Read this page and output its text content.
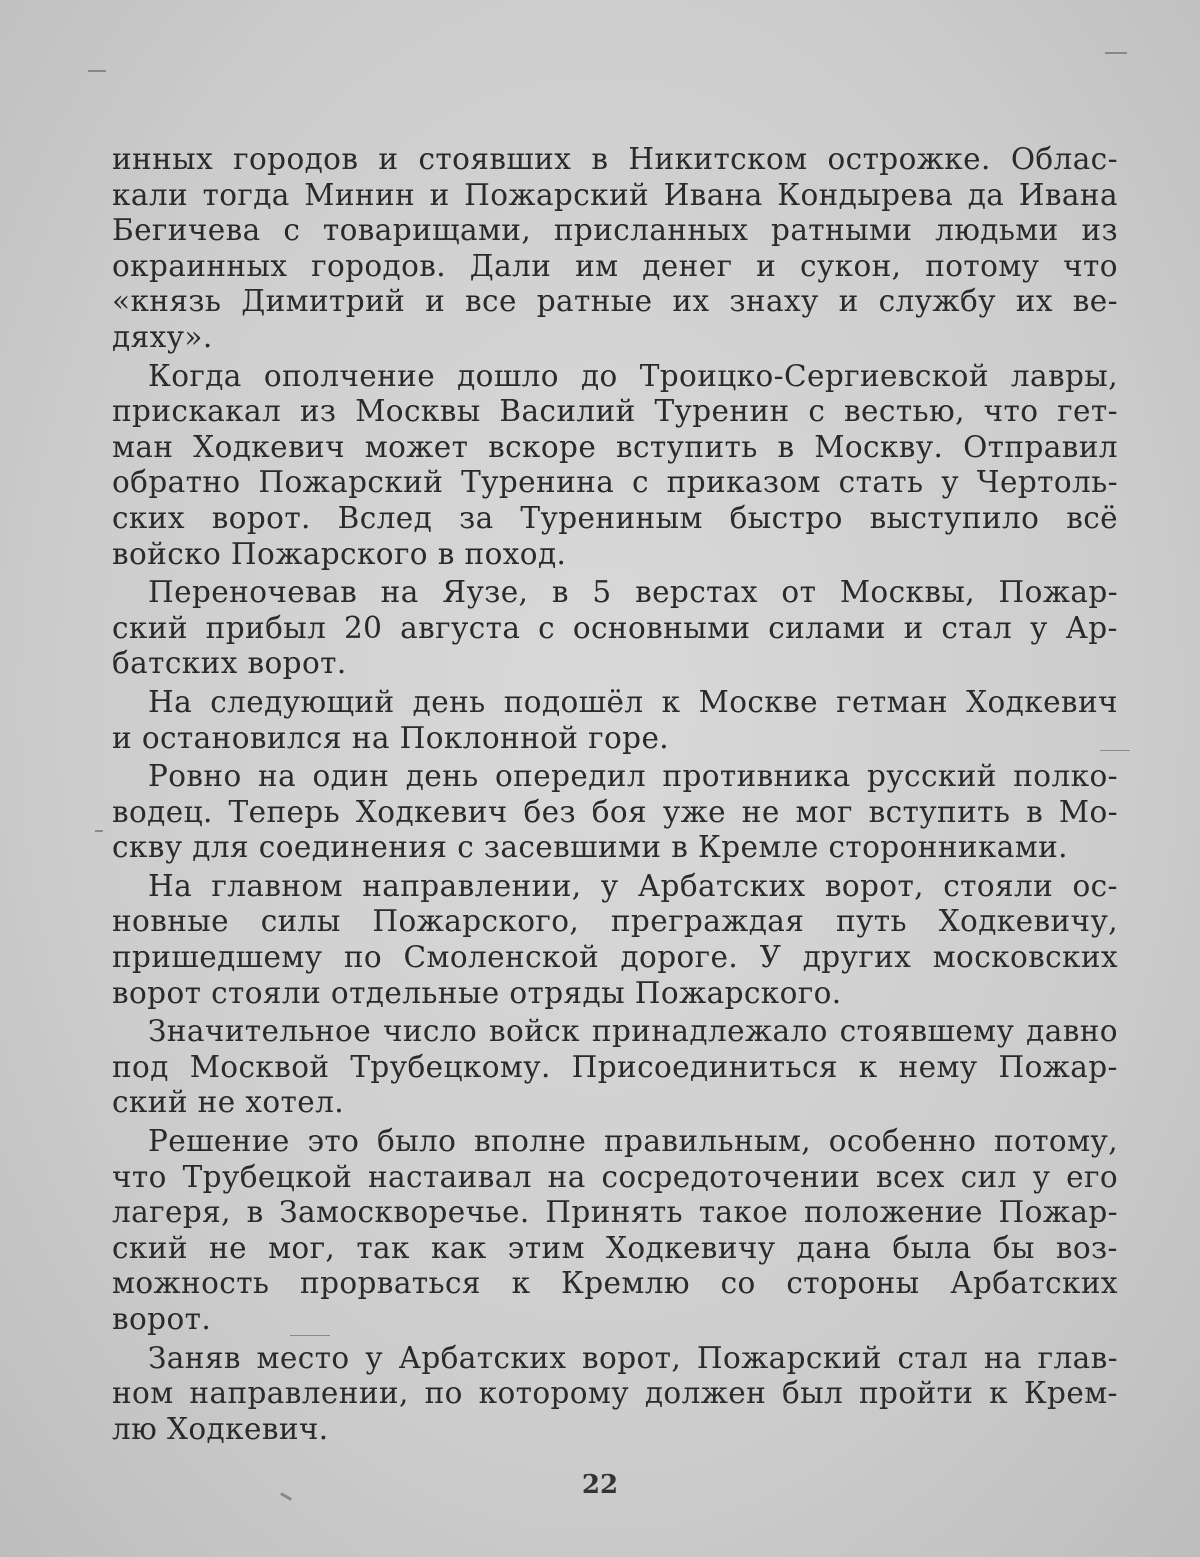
инных городов и стоявших в Никитском острожке. Облас-
кали тогда Минин и Пожарский Ивана Кондырева да Ивана
Бегичева с товарищами, присланных ратными людьми из
окраинных городов. Дали им денег и сукон, потому что
«князь Димитрий и все ратные их знаху и службу их ве-
дяху».
Когда ополчение дошло до Троицко-Сергиевской лавры,
прискакал из Москвы Василий Туренин с вестью, что гет-
ман Ходкевич может вскоре вступить в Москву. Отправил
обратно Пожарский Туренина с приказом стать у Чертоль-
ских ворот. Вслед за Турениным быстро выступило всё
войско Пожарского в поход.
Переночевав на Яузе, в 5 верстах от Москвы, Пожар-
ский прибыл 20 августа с основными силами и стал у Ар-
батских ворот.
На следующий день подошёл к Москве гетман Ходкевич
и остановился на Поклонной горе.
Ровно на один день опередил противника русский полко-
водец. Теперь Ходкевич без боя уже не мог вступить в Мо-
скву для соединения с засевшими в Кремле сторонниками.
На главном направлении, у Арбатских ворот, стояли ос-
новные силы Пожарского, преграждая путь Ходкевичу,
пришедшему по Смоленской дороге. У других московских
ворот стояли отдельные отряды Пожарского.
Значительное число войск принадлежало стоявшему давно
под Москвой Трубецкому. Присоединиться к нему Пожар-
ский не хотел.
Решение это было вполне правильным, особенно потому,
что Трубецкой настаивал на сосредоточении всех сил у его
лагеря, в Замоскворечье. Принять такое положение Пожар-
ский не мог, так как этим Ходкевичу дана была бы воз-
можность прорваться к Кремлю со стороны Арбатских
ворот.
Заняв место у Арбатских ворот, Пожарский стал на глав-
ном направлении, по которому должен был пройти к Крем-
лю Ходкевич.
22
